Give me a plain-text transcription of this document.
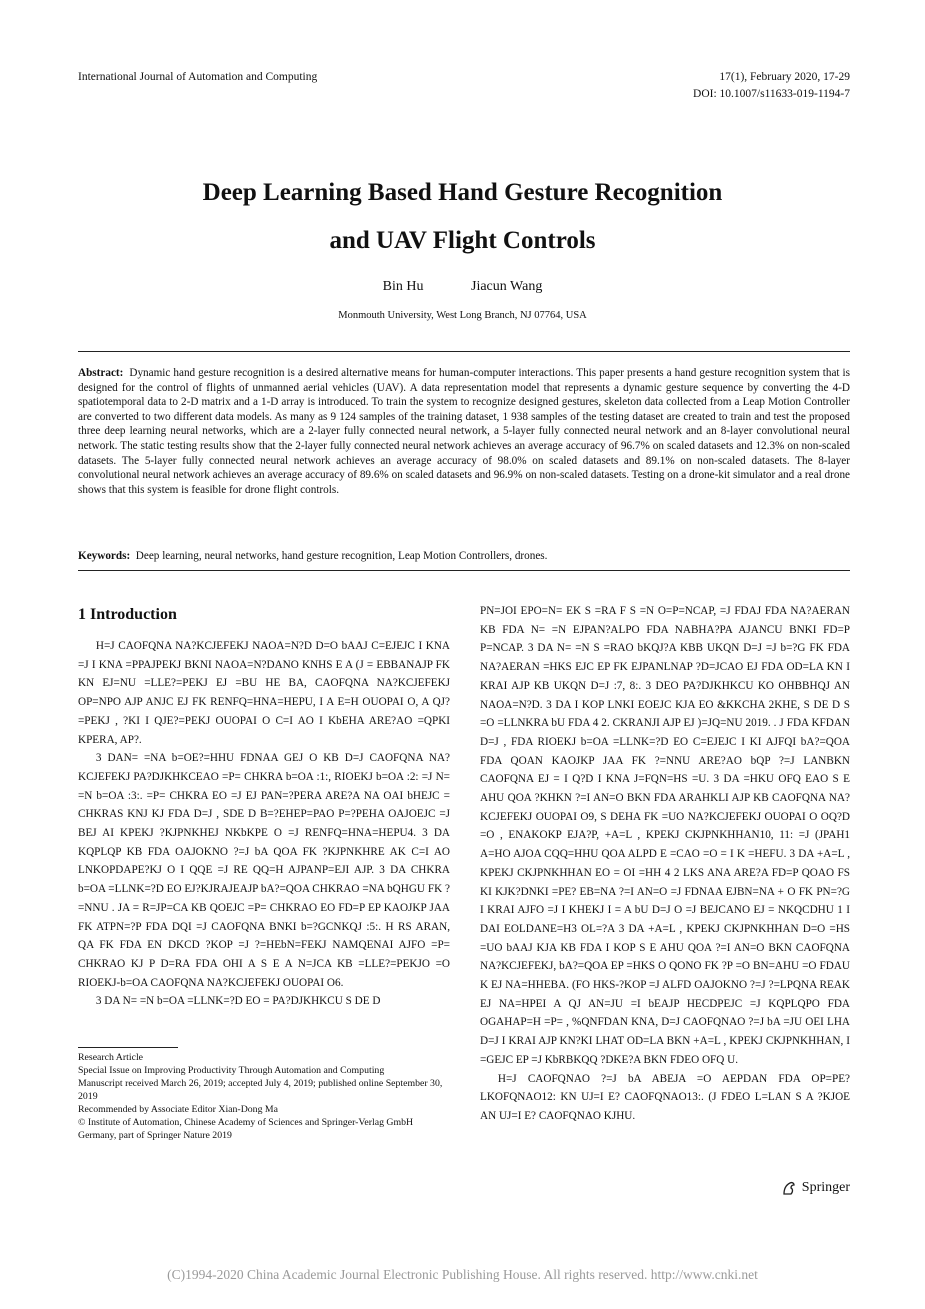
International Journal of Automation and Computing	17(1), February 2020, 17-29
DOI: 10.1007/s11633-019-1194-7
Deep Learning Based Hand Gesture Recognition
and UAV Flight Controls
Bin Hu	Jiacun Wang
Monmouth University, West Long Branch, NJ 07764, USA
Abstract: Dynamic hand gesture recognition is a desired alternative means for human-computer interactions. This paper presents a hand gesture recognition system that is designed for the control of flights of unmanned aerial vehicles (UAV). A data representation model that represents a dynamic gesture sequence by converting the 4-D spatiotemporal data to 2-D matrix and a 1-D array is introduced. To train the system to recognize designed gestures, skeleton data collected from a Leap Motion Controller are converted to two different data models. As many as 9 124 samples of the training dataset, 1 938 samples of the testing dataset are created to train and test the proposed three deep learning neural networks, which are a 2-layer fully connected neural network, a 5-layer fully connected neural network and an 8-layer convolutional neural network. The static testing results show that the 2-layer fully connected neural network achieves an average accuracy of 96.7% on scaled datasets and 12.3% on non-scaled datasets. The 5-layer fully connected neural network achieves an average accuracy of 98.0% on scaled datasets and 89.1% on non-scaled datasets. The 8-layer convolutional neural network achieves an average accuracy of 89.6% on scaled datasets and 96.9% on non-scaled datasets. Testing on a drone-kit simulator and a real drone shows that this system is feasible for drone flight controls.
Keywords: Deep learning, neural networks, hand gesture recognition, Leap Motion Controllers, drones.
1 Introduction

H=J CAOFQNA NA?KCJEFEKJ NAOA=N?D D=O bAAJ C=EJEJC I KNA =J I KNA =PPAJPEKJ BKNI NAOA=N?DANO KNHS E A (J = EBBANAJP FK KN EJ=NU =LLE?=PEKJ EJ =BU HE BA, CAOFQNA NA?KCJEFEKJ OP=NPO AJP ANJC EJ FK RENFQ=HNA=HEPU, I A E=H OUOPAI O, A QJ?=PEKJ , ?KI I QJE?=PEKJ OUOPAI O C=I AO I KbEHA ARE?AO =QPKI KPERA, AP?.

3 DAN= =NA b=OE?=HHU FDNAA GEJ O KB D=J CAOFQNA NA?KCJEFEKJ PA?DJKHKCEAO =P= CHKRA b=OA :1:, RIOEKJ b=OA :2: =J N= =N b=OA :3:. =P= CHKRA EO =J EJ PAN=?PERA ARE?A NA OAI bHEJC = CHKRAS KNJ KJ FDA D=J , SDE D B=?EHEP=PAO P=?PEHA OAJOEJC =J BEJ AI KPEKJ ?KJPNKHEJ NKbKPE O =J RENFQ=HNA=HEPU4. 3 DA KQPLQP KB FDA OAJOKNO ?=J bA QOA FK ?KJPNKHRE AK C=I AO LNKOPDAPE?KJ O I QQE =J RE QQ=H AJPANP=EJI AJP. 3 DA CHKRA b=OA =LLNK=?D EO EJ?KJRAJEAJP bA?=QOA CHKRAO =NA bQHGU FK ?=NNU . JA = R=JP=CA KB QOEJC =P= CHKRAO EO FD=P EP KAOJKP JAA FK ATPN=?P FDA DQI =J CAOFQNA BNKI b=?GCNKQJ :5:. H RS ARAN, QA FK FDA EN DKCD ?KOP =J ?=HEbN=FEKJ NAMQENAI AJFO =P= CHKRAO KJ P D=RA FDA OHI A S E A N=JCA KB =LLE?=PEKJO =O RIOEKJ-b=OA CAOFQNA NA?KCJEFEKJ OUOPAI O6.

3 DA N= =N b=OA =LLNK=?D EO = PA?DJKHKCU S DE D

Research Article
Special Issue on Improving Productivity Through Automation and Computing
Manuscript received March 26, 2019; accepted July 4, 2019; published online September 30, 2019
Recommended by Associate Editor Xian-Dong Ma
© Institute of Automation, Chinese Academy of Sciences and Springer-Verlag GmbH Germany, part of Springer Nature 2019

PN=JOI EPO=N= EK S =RA F S =N O=P=NCAP, =J FDAJ FDA NA?AERAN KB FDA N= =N EJPAN?ALPO FDA NABHA?PA AJANCU BNKI FD=P P=NCAP. 3 DA N= =N S =RAO bKQJ?A KBB UKQN D=J =J b=?G FK FDA NA?AERAN =HKS EJC EP FK EJPANLNAP ?D=JCAO EJ FDA OD=LA KN I KRAI AJP KB UKQN D=J :7, 8:. 3 DEO PA?DJKHKCU KO OHBBHQJ AN NAOA=N?D. 3 DA I KOP LNKI EOEJC KJA EO &KKCHA 2KHE, S DE D S =O =LLNKRA bU FDA 4 2. CKRANJI AJP EJ )=JQ=NU 2019. . J FDA KFDAN D=J , FDA RIOEKJ b=OA =LLNK=?D EO C=EJEJC I KI AJFQI bA?=QOA FDA QOAN KAOJKP JAA FK ?=NNU ARE?AO bQP ?=J LANBKN CAOFQNA EJ = I Q?D I KNA J=FQN=HS =U. 3 DA =HKU OFQ EAO S E AHU QOA ?KHKN ?=I AN=O BKN FDA ARAHKLI AJP KB CAOFQNA NA?KCJEFEKJ OUOPAI O9, S DEHA FK =UO NA?KCJEFEKJ OUOPAI O OQ?D =O , ENAKOKP EJA?P, +A=L , KPEKJ CKJPNKHHAN10, 11: =J (JPAH1 A=HO AJOA CQQ=HHU QOA ALPD E =CAO =O = I K =HEFU. 3 DA +A=L , KPEKJ CKJPNKHHAN EO = OI =HH 4 2 LKS ANA ARE?A FD=P QOAO FS KI KJK?DNKI =PE? EB=NA ?=I AN=O =J FDNAA EJBN=NA + O FK PN=?G I KRAI AJFO =J I KHEKJ I = A bU D=J O =J BEJCANO EJ = NKQCDHU 1 I DAI EOLDANE=H3 OL=?A 3 DA +A=L , KPEKJ CKJPNKHHAN D=O =HS =UO bAAJ KJA KB FDA I KOP S E AHU QOA ?=I AN=O BKN CAOFQNA NA?KCJEFEKJ, bA?=QOA EP =HKS O QONO FK ?P =O BN=AHU =O FDAU K EJ NA=HHEBA. (FO HKS-?KOP =J ALFD OAJOKNO ?=J ?=LPQNA REAK EJ NA=HPEI A QJ AN=JU =I bEAJP HECDPEJC =J KQPLQPO FDA OGAHAP=H =P= , %QNFDAN KNA, D=J CAOFQNAO ?=J bA =JU OEI LHA D=J I KRAI AJP KN?KI LHAT OD=LA BKN +A=L , KPEKJ CKJPNKHHAN, I =GEJC EP =J KbRBKQQ ?DKE?A BKN FDEO OFQ U.

H=J CAOFQNAO ?=J bA ABEJA =O AEPDAN FDA OP=PE? LKOFQNAO12: KN UJ=I E? CAOFQNAO13:. (J FDEO L=LAN S A ?KJOE AN UJ=I E? CAOFQNAO KJHU.

Springer
(C)1994-2020 China Academic Journal Electronic Publishing House. All rights reserved. http://www.cnki.net
